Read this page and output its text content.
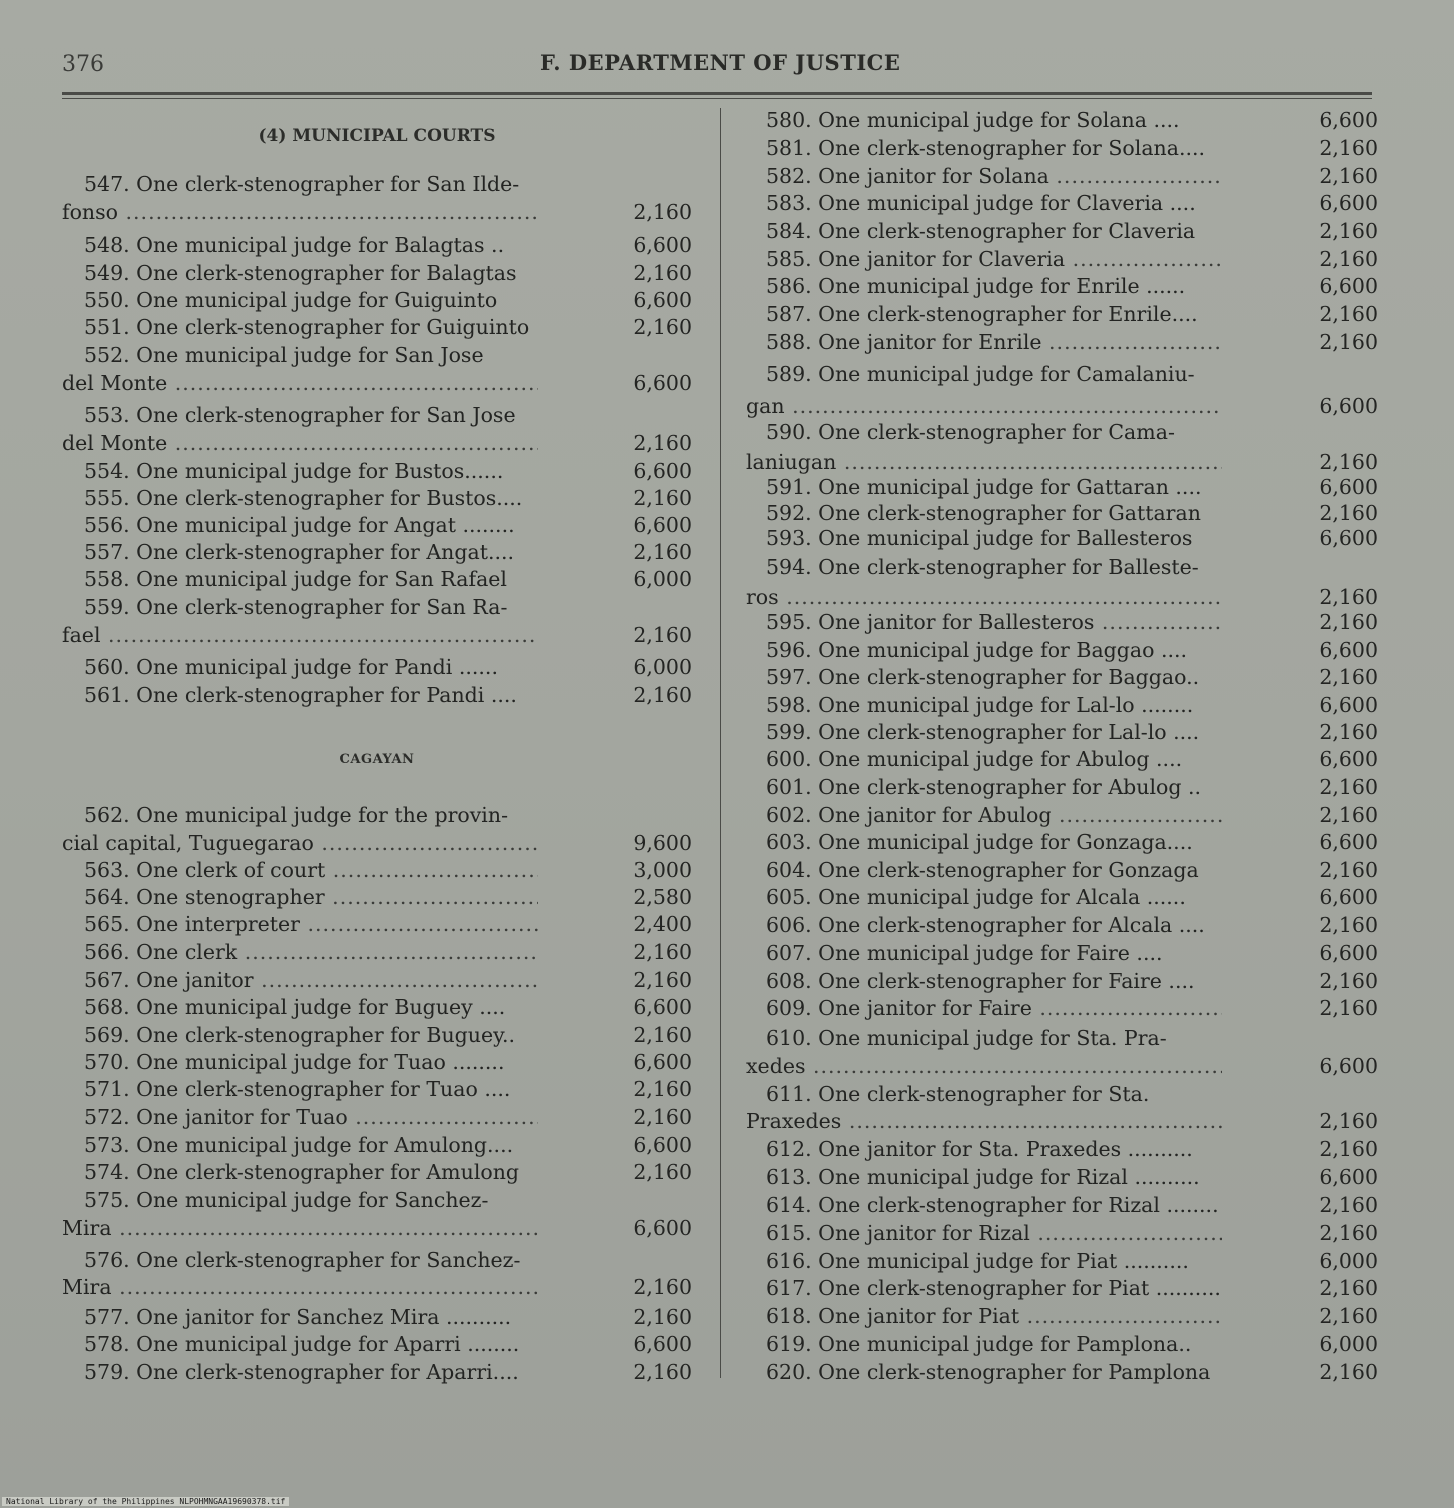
376	F. DEPARTMENT OF JUSTICE
(4) MUNICIPAL COURTS
CAGAYAN
547. One clerk-stenographer for San Ilde-
fonso .....	2,160
548. One municipal judge for Balagtas ..	6,600
549. One clerk-stenographer for Balagtas	2,160
550. One municipal judge for Guiguinto	6,600
551. One clerk-stenographer for Guiguinto	2,160
552. One municipal judge for San Jose
del Monte .....	6,600
553. One clerk-stenographer for San Jose
del Monte .....	2,160
554. One municipal judge for Bustos......	6,600
555. One clerk-stenographer for Bustos....	2,160
556. One municipal judge for Angat ........	6,600
557. One clerk-stenographer for Angat....	2,160
558. One municipal judge for San Rafael	6,000
559. One clerk-stenographer for San Ra-
fael .....	2,160
560. One municipal judge for Pandi ......	6,000
561. One clerk-stenographer for Pandi ....	2,160
562. One municipal judge for the provin-
cial capital, Tuguegarao .....	9,600
563. One clerk of court .....	3,000
564. One stenographer .....	2,580
565. One interpreter .....	2,400
566. One clerk .....	2,160
567. One janitor .....	2,160
568. One municipal judge for Buguey ....	6,600
569. One clerk-stenographer for Buguey..	2,160
570. One municipal judge for Tuao ........	6,600
571. One clerk-stenographer for Tuao ....	2,160
572. One janitor for Tuao .....	2,160
573. One municipal judge for Amulong....	6,600
574. One clerk-stenographer for Amulong	2,160
575. One municipal judge for Sanchez-
Mira .....	6,600
576. One clerk-stenographer for Sanchez-
Mira .....	2,160
577. One janitor for Sanchez Mira ..........	2,160
578. One municipal judge for Aparri ........	6,600
579. One clerk-stenographer for Aparri....	2,160
580. One municipal judge for Solana ....	6,600
581. One clerk-stenographer for Solana....	2,160
582. One janitor for Solana .....	2,160
583. One municipal judge for Claveria ....	6,600
584. One clerk-stenographer for Claveria	2,160
585. One janitor for Claveria .....	2,160
586. One municipal judge for Enrile ......	6,600
587. One clerk-stenographer for Enrile....	2,160
588. One janitor for Enrile .....	2,160
589. One municipal judge for Camalaniu-
gan .....	6,600
590. One clerk-stenographer for Cama-
laniugan .....	2,160
591. One municipal judge for Gattaran ....	6,600
592. One clerk-stenographer for Gattaran	2,160
593. One municipal judge for Ballesteros	6,600
594. One clerk-stenographer for Balleste-
ros .....	2,160
595. One janitor for Ballesteros .....	2,160
596. One municipal judge for Baggao ....	6,600
597. One clerk-stenographer for Baggao..	2,160
598. One municipal judge for Lal-lo ........	6,600
599. One clerk-stenographer for Lal-lo ....	2,160
600. One municipal judge for Abulog ....	6,600
601. One clerk-stenographer for Abulog ..	2,160
602. One janitor for Abulog .....	2,160
603. One municipal judge for Gonzaga....	6,600
604. One clerk-stenographer for Gonzaga	2,160
605. One municipal judge for Alcala ......	6,600
606. One clerk-stenographer for Alcala ....	2,160
607. One municipal judge for Faire ....	6,600
608. One clerk-stenographer for Faire ....	2,160
609. One janitor for Faire .....	2,160
610. One municipal judge for Sta. Pra-
xedes .....	6,600
611. One clerk-stenographer for Sta.
Praxedes .....	2,160
612. One janitor for Sta. Praxedes ..........	2,160
613. One municipal judge for Rizal ..........	6,600
614. One clerk-stenographer for Rizal ........	2,160
615. One janitor for Rizal .....	2,160
616. One municipal judge for Piat ..........	6,000
617. One clerk-stenographer for Piat ..........	2,160
618. One janitor for Piat .....	2,160
619. One municipal judge for Pamplona..	6,000
620. One clerk-stenographer for Pamplona	2,160
National Library of the Philippines NLPOHMNGAA19690378.tif
